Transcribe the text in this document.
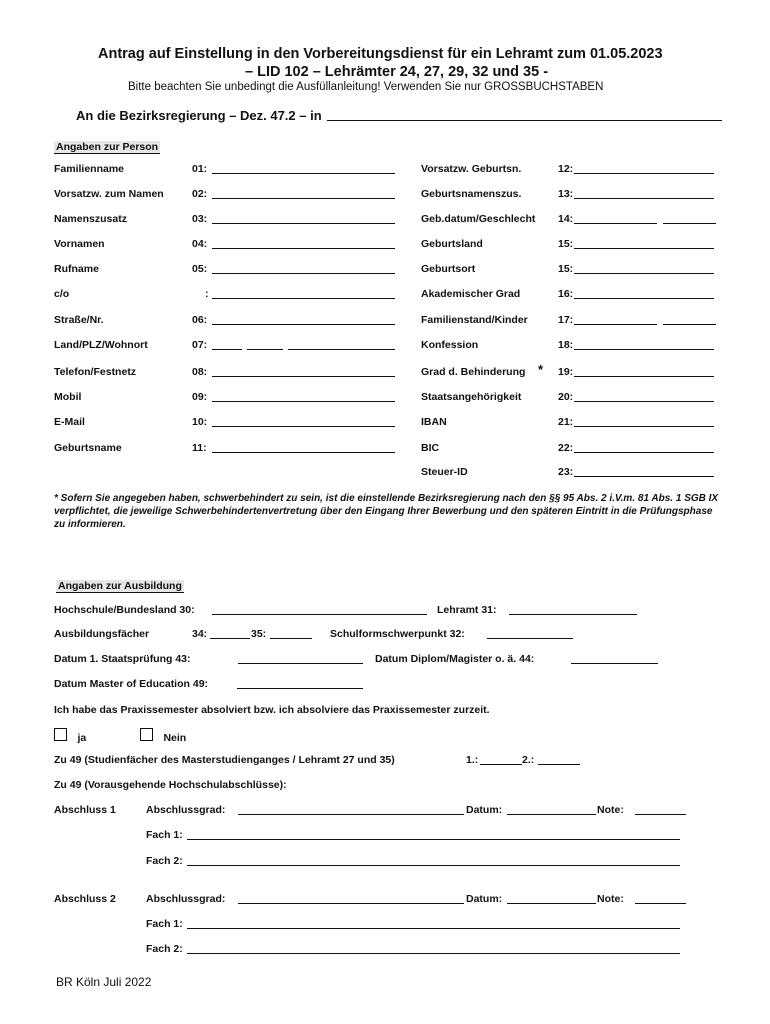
Antrag auf Einstellung in den Vorbereitungsdienst für ein Lehramt zum 01.05.2023
– LID 102 – Lehrämter 24, 27, 29, 32 und 35 -
Bitte beachten Sie unbedingt die Ausfüllanleitung! Verwenden Sie nur GROSSBUCHSTABEN
An die Bezirksregierung – Dez. 47.2 – in
Angaben zur Person
Familienname	01:
Vorsatzw. zum Namen	02:
Namenszusatz	03:
Vornamen	04:
Rufname	05:
c/o	:
Straße/Nr.	06:
Land/PLZ/Wohnort	07:
Telefon/Festnetz	08:
Mobil	09:
E-Mail	10:
Geburtsname	11:
Vorsatzw. Geburtsn.	12:
Geburtsnamenszus.	13:
Geb.datum/Geschlecht 14:
Geburtsland	15:
Geburtsort	15:
Akademischer Grad	16:
Familienstand/Kinder	17:
Konfession	18:
Grad d. Behinderung * 19:
Staatsangehörigkeit	20:
IBAN	21:
BIC	22:
Steuer-ID	23:
* Sofern Sie angegeben haben, schwerbehindert zu sein, ist die einstellende Bezirksregierung nach den §§ 95 Abs. 2 i.V.m. 81 Abs. 1 SGB IX verpflichtet, die jeweilige Schwerbehindertenvertretung über den Eingang Ihrer Bewerbung und den späteren Eintritt in die Prüfungsphase zu informieren.
Angaben zur Ausbildung
Hochschule/Bundesland 30:	Lehramt 31:
Ausbildungsfächer	34:	35:	Schulformschwerpunkt 32:
Datum 1. Staatsprüfung 43:	Datum Diplom/Magister o. ä. 44:
Datum Master of Education 49:
Ich habe das Praxissemester absolviert bzw. ich absolviere das Praxissemester zurzeit.
ja	Nein
Zu 49 (Studienfächer des Masterstudienganges / Lehramt 27 und 35)	1.:	2.:
Zu 49 (Vorausgehende Hochschulabschlüsse):
Abschluss 1	Abschlussgrad:	Datum:	Note:
Fach 1:
Fach 2:
Abschluss 2	Abschlussgrad:	Datum:	Note:
Fach 1:
Fach 2:
BR Köln Juli 2022
